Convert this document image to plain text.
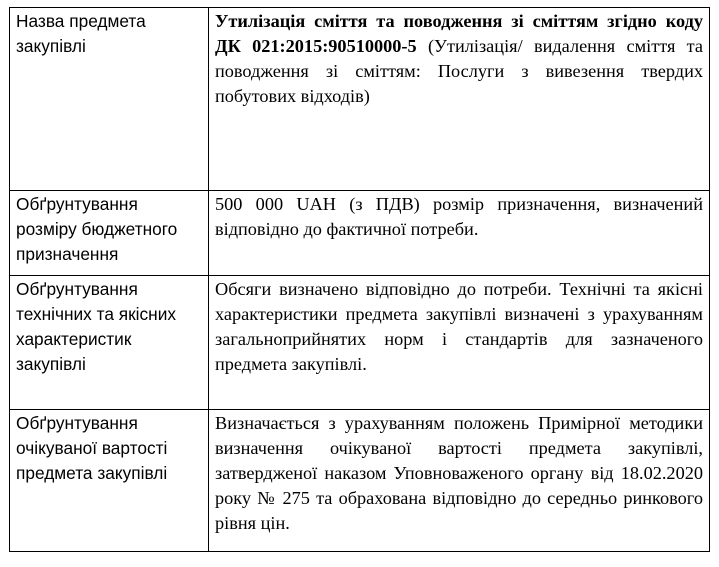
Назва предмета закупівлі	Утилізація сміття та поводження зі сміттям згідно коду ДК 021:2015:90510000-5 (Утилізація/ видалення сміття та поводження зі сміттям: Послуги з вивезення твердих побутових відходів)
Обґрунтування розміру бюджетного призначення	500 000 UAH (з ПДВ) розмір призначення, визначений відповідно до фактичної потреби.
Обґрунтування технічних та якісних характеристик закупівлі	Обсяги визначено відповідно до потреби. Технічні та якісні характеристики предмета закупівлі визначені з урахуванням загальноприйнятих норм і стандартів для зазначеного предмета закупівлі.
Обґрунтування очікуваної вартості предмета закупівлі	Визначається з урахуванням положень Примірної методики визначення очікуваної вартості предмета закупівлі, затвердженої наказом Уповноваженого органу від 18.02.2020 року № 275 та обрахована відповідно до середньо ринкового рівня цін.
